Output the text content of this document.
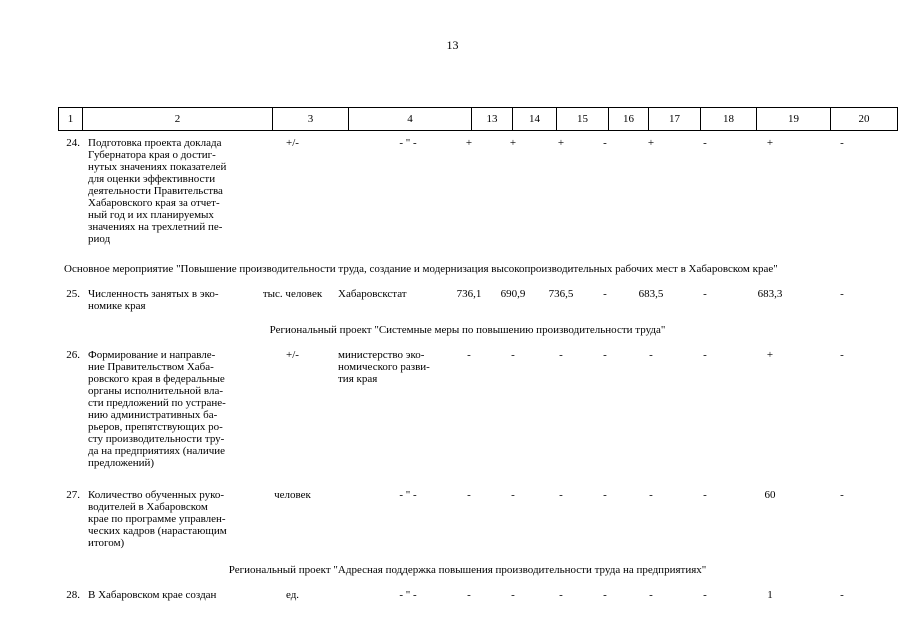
13
1	2	3	4	13	14	15	16	17	18	19	20
24. Подготовка проекта доклада
Губернатора края о достиг-
нутых значениях показателей
для оценки эффективности
деятельности Правительства
Хабаровского края за отчет-
ный год и их планируемых
значениях на трехлетний пе-
риод
+/-	- " -	+	+	+	-	+	-	+	-
Основное мероприятие "Повышение производительности труда, создание и модернизация высокопроизводительных рабочих мест в Хабаровском крае"
25. Численность занятых в эко-
номике края
тыс. человек	Хабаровскстат	736,1	690,9	736,5	-	683,5	-	683,3	-
Региональный проект "Системные меры по повышению производительности труда"
26. Формирование и направле-
ние Правительством Хаба-
ровского края в федеральные
органы исполнительной вла-
сти предложений по устране-
нию административных ба-
рьеров, препятствующих ро-
сту производительности тру-
да на предприятиях (наличие
предложений)
+/-	министерство эко-
номического разви-
тия края
-	-	-	-	-	-	+	-
27. Количество обученных руко-
водителей в Хабаровском
крае по программе управлен-
ческих кадров (нарастающим
итогом)
человек	- " -	-	-	-	-	-	-	60	-
Региональный проект "Адресная поддержка повышения производительности труда на предприятиях"
28. В Хабаровском крае создан	ед.	- " -	-	-	-	-	-	-	1	-
